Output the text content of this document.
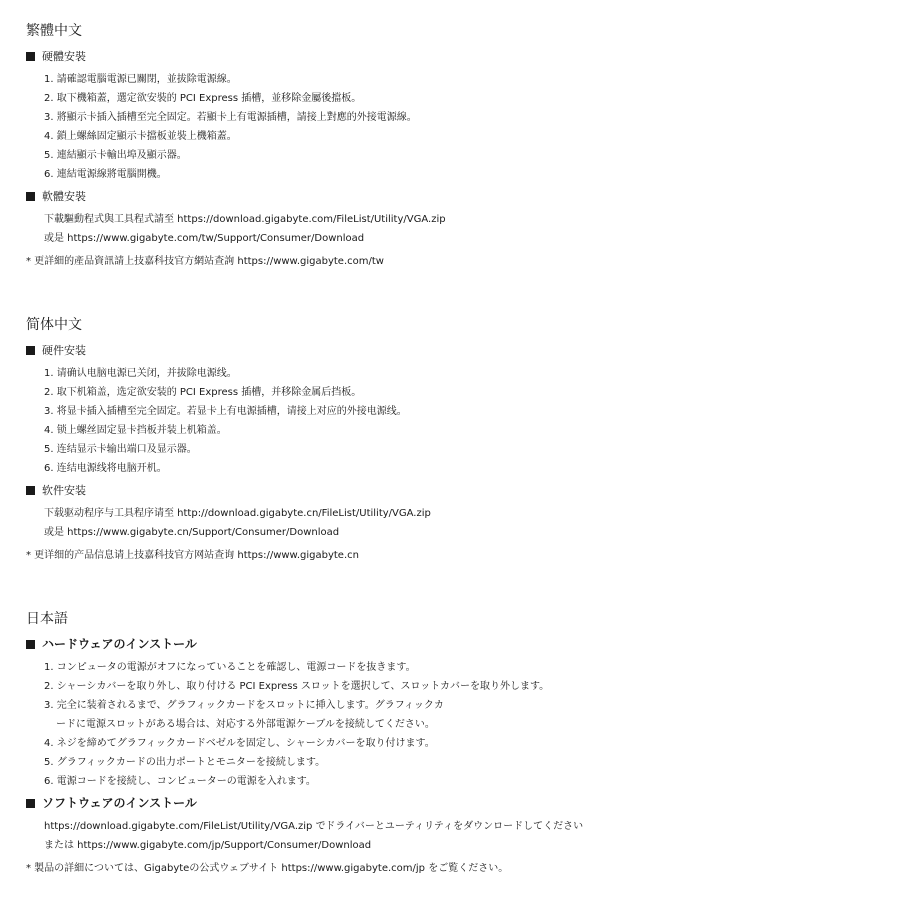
繁體中文
硬體安裝
1. 請確認電腦電源已關閉，並拔除電源線。
2. 取下機箱蓋，選定欲安裝的 PCI Express 插槽，並移除金屬後擋板。
3. 將顯示卡插入插槽至完全固定。若顯卡上有電源插槽，請接上對應的外接電源線。
4. 鎖上螺絲固定顯示卡擋板並裝上機箱蓋。
5. 連結顯示卡輸出埠及顯示器。
6. 連結電源線將電腦開機。
軟體安裝
下載驅動程式與工具程式請至 https://download.gigabyte.com/FileList/Utility/VGA.zip
或是 https://www.gigabyte.com/tw/Support/Consumer/Download

* 更詳細的產品資訊請上技嘉科技官方網站查詢 https://www.gigabyte.com/tw

简体中文
硬件安装
1. 请确认电脑电源已关闭，并拔除电源线。
2. 取下机箱盖，选定欲安装的 PCI Express 插槽，并移除金属后挡板。
3. 将显卡插入插槽至完全固定。若显卡上有电源插槽，请接上对应的外接电源线。
4. 锁上螺丝固定显卡挡板并装上机箱盖。
5. 连结显示卡输出端口及显示器。
6. 连结电源线将电脑开机。
软件安装
下载驱动程序与工具程序请至 http://download.gigabyte.cn/FileList/Utility/VGA.zip
或是 https://www.gigabyte.cn/Support/Consumer/Download

* 更详细的产品信息请上技嘉科技官方网站查询 https://www.gigabyte.cn

日本語
ハードウェアのインストール
1. コンピュータの電源がオフになっていることを確認し、電源コードを抜きます。
2. シャーシカバーを取り外し、取り付ける PCI Express スロットを選択して、スロットカバーを取り外します。
3. 完全に装着されるまで、グラフィックカードをスロットに挿入します。グラフィックカ
ードに電源スロットがある場合は、対応する外部電源ケーブルを接続してください。
4. ネジを締めてグラフィックカードベゼルを固定し、シャーシカバーを取り付けます。
5. グラフィックカードの出力ポートとモニターを接続します。
6. 電源コードを接続し、コンピューターの電源を入れます。
ソフトウェアのインストール
https://download.gigabyte.com/FileList/Utility/VGA.zip でドライバーとユーティリティをダウンロードしてください
または https://www.gigabyte.com/jp/Support/Consumer/Download

* 製品の詳細については、Gigabyteの公式ウェブサイト https://www.gigabyte.com/jp をご覧ください。
